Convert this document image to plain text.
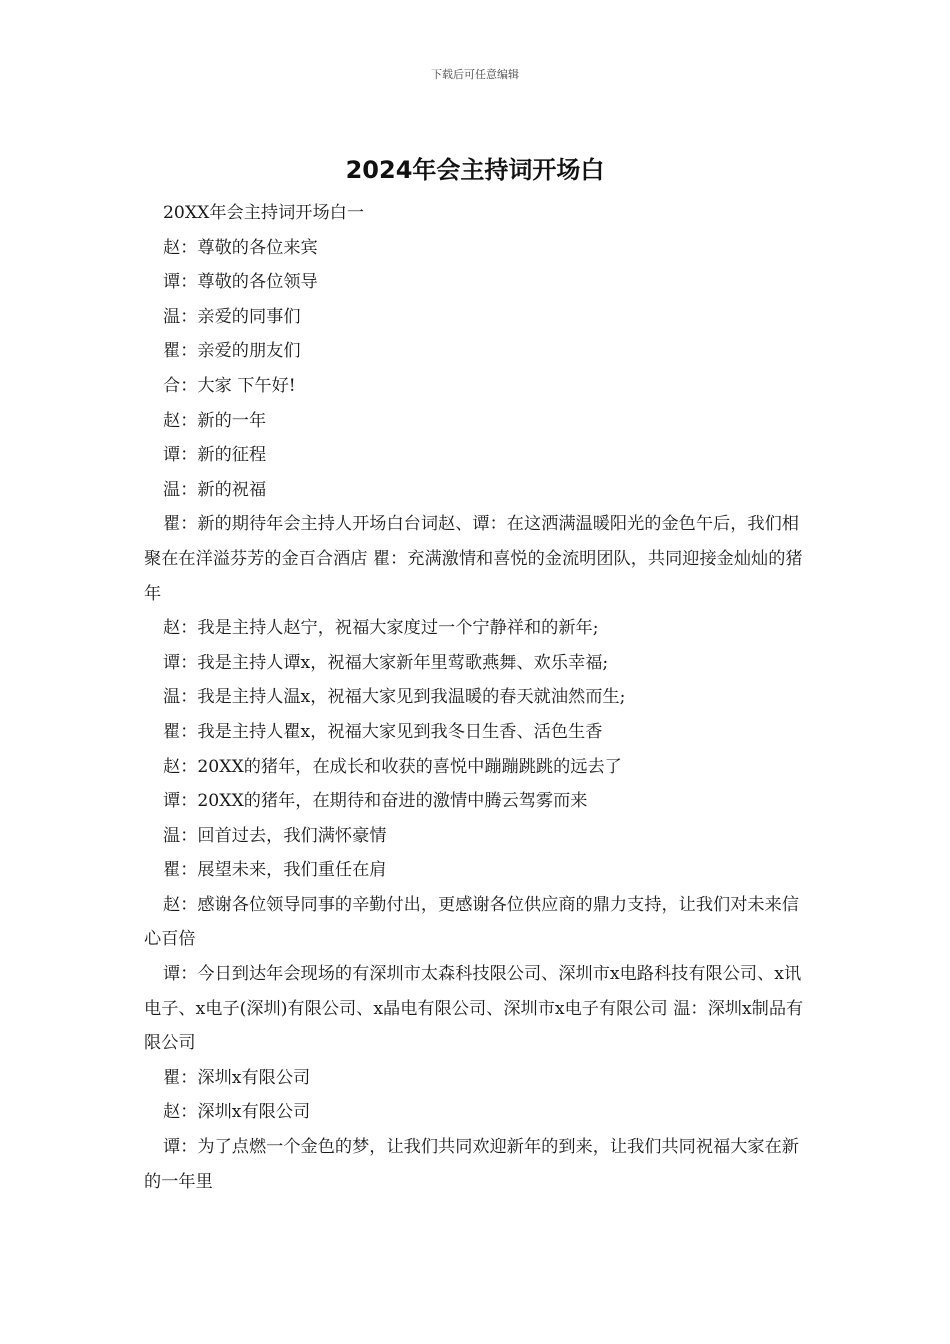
下载后可任意编辑
2024年会主持词开场白

20XX年会主持词开场白一

赵：尊敬的各位来宾

谭：尊敬的各位领导

温：亲爱的同事们

瞿：亲爱的朋友们

合：大家 下午好!

赵：新的一年

谭：新的征程

温：新的祝福

瞿：新的期待年会主持人开场白台词赵、谭：在这洒满温暖阳光的金色午后，我们相聚在在洋溢芬芳的金百合酒店 瞿：充满激情和喜悦的金流明团队，共同迎接金灿灿的猪年

赵：我是主持人赵宁，祝福大家度过一个宁静祥和的新年;

谭：我是主持人谭x，祝福大家新年里莺歌燕舞、欢乐幸福;

温：我是主持人温x，祝福大家见到我温暖的春天就油然而生;

瞿：我是主持人瞿x，祝福大家见到我冬日生香、活色生香

赵：20XX的猪年，在成长和收获的喜悦中蹦蹦跳跳的远去了

谭：20XX的猪年，在期待和奋进的激情中腾云驾雾而来

温：回首过去，我们满怀豪情

瞿：展望未来，我们重任在肩

赵：感谢各位领导同事的辛勤付出，更感谢各位供应商的鼎力支持，让我们对未来信心百倍

谭：今日到达年会现场的有深圳市太森科技限公司、深圳市x电路科技有限公司、x讯电子、x电子(深圳)有限公司、x晶电有限公司、深圳市x电子有限公司 温：深圳x制品有限公司

瞿：深圳x有限公司

赵：深圳x有限公司

谭：为了点燃一个金色的梦，让我们共同欢迎新年的到来，让我们共同祝福大家在新的一年里
